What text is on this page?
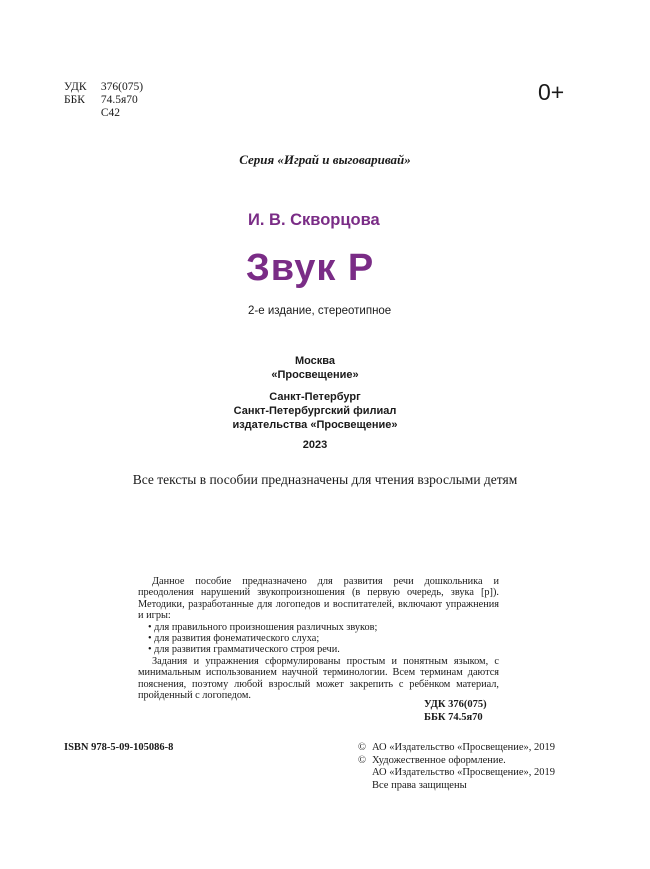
УДК 376(075)
ББК 74.5я70
С42
0+
Серия «Играй и выговаривай»
И. В. Скворцова
Звук Р
2-е издание, стереотипное
Москва
«Просвещение»
Санкт-Петербург
Санкт-Петербургский филиал
издательства «Просвещение»
2023
Все тексты в пособии предназначены для чтения взрослыми детям

Данное пособие предназначено для развития речи дошкольника и преодоления нарушений звукопроизношения (в первую очередь, звука [р]). Методики, разработанные для логопедов и воспитателей, включают упражнения и игры:

• для правильного произношения различных звуков;

• для развития фонематического слуха;

• для развития грамматического строя речи.

Задания и упражнения сформулированы простым и понятным языком, с минимальным использованием научной терминологии. Всем терминам даются пояснения, поэтому любой взрослый может закрепить с ребёнком материал, пройденный с логопедом.

УДК 376(075)
ББК 74.5я70
ISBN 978-5-09-105086-8	© АО «Издательство «Просвещение», 2019
© Художественное оформление.
АО «Издательство «Просвещение», 2019
Все права защищены
